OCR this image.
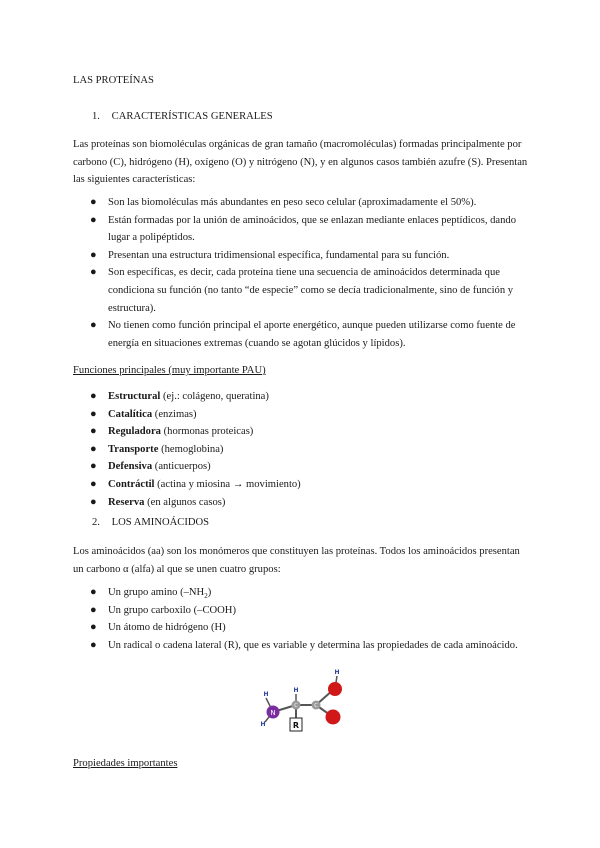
LAS PROTEÍNAS
1. CARACTERÍSTICAS GENERALES
Las proteínas son biomoléculas orgánicas de gran tamaño (macromoléculas) formadas principalmente por carbono (C), hidrógeno (H), oxígeno (O) y nitrógeno (N), y en algunos casos también azufre (S). Presentan las siguientes características:
●	Son las biomoléculas más abundantes en peso seco celular (aproximadamente el 50%).
●	Están formadas por la unión de aminoácidos, que se enlazan mediante enlaces peptídicos, dando lugar a polipéptidos.
●	Presentan una estructura tridimensional específica, fundamental para su función.
●	Son específicas, es decir, cada proteína tiene una secuencia de aminoácidos determinada que condiciona su función (no tanto “de especie” como se decía tradicionalmente, sino de función y estructura).
●	No tienen como función principal el aporte energético, aunque pueden utilizarse como fuente de energía en situaciones extremas (cuando se agotan glúcidos y lípidos).
Funciones principales (muy importante PAU)
●	Estructural (ej.: colágeno, queratina)
●	Catalítica (enzimas)
●	Reguladora (hormonas proteicas)
●	Transporte (hemoglobina)
●	Defensiva (anticuerpos)
●	Contráctil (actina y miosina → movimiento)
●	Reserva (en algunos casos)
2. LOS AMINOÁCIDOS
Los aminoácidos (aa) son los monómeros que constituyen las proteínas. Todos los aminoácidos presentan un carbono α (alfa) al que se unen cuatro grupos:
●	Un grupo amino $(-NH_2)$
●	Un grupo carboxilo (–COOH)
●	Un átomo de hidrógeno (H)
●	Un radical o cadena lateral (R), que es variable y determina las propiedades de cada aminoácido.
N
C	C
H
H
H
H
R
Propiedades importantes
